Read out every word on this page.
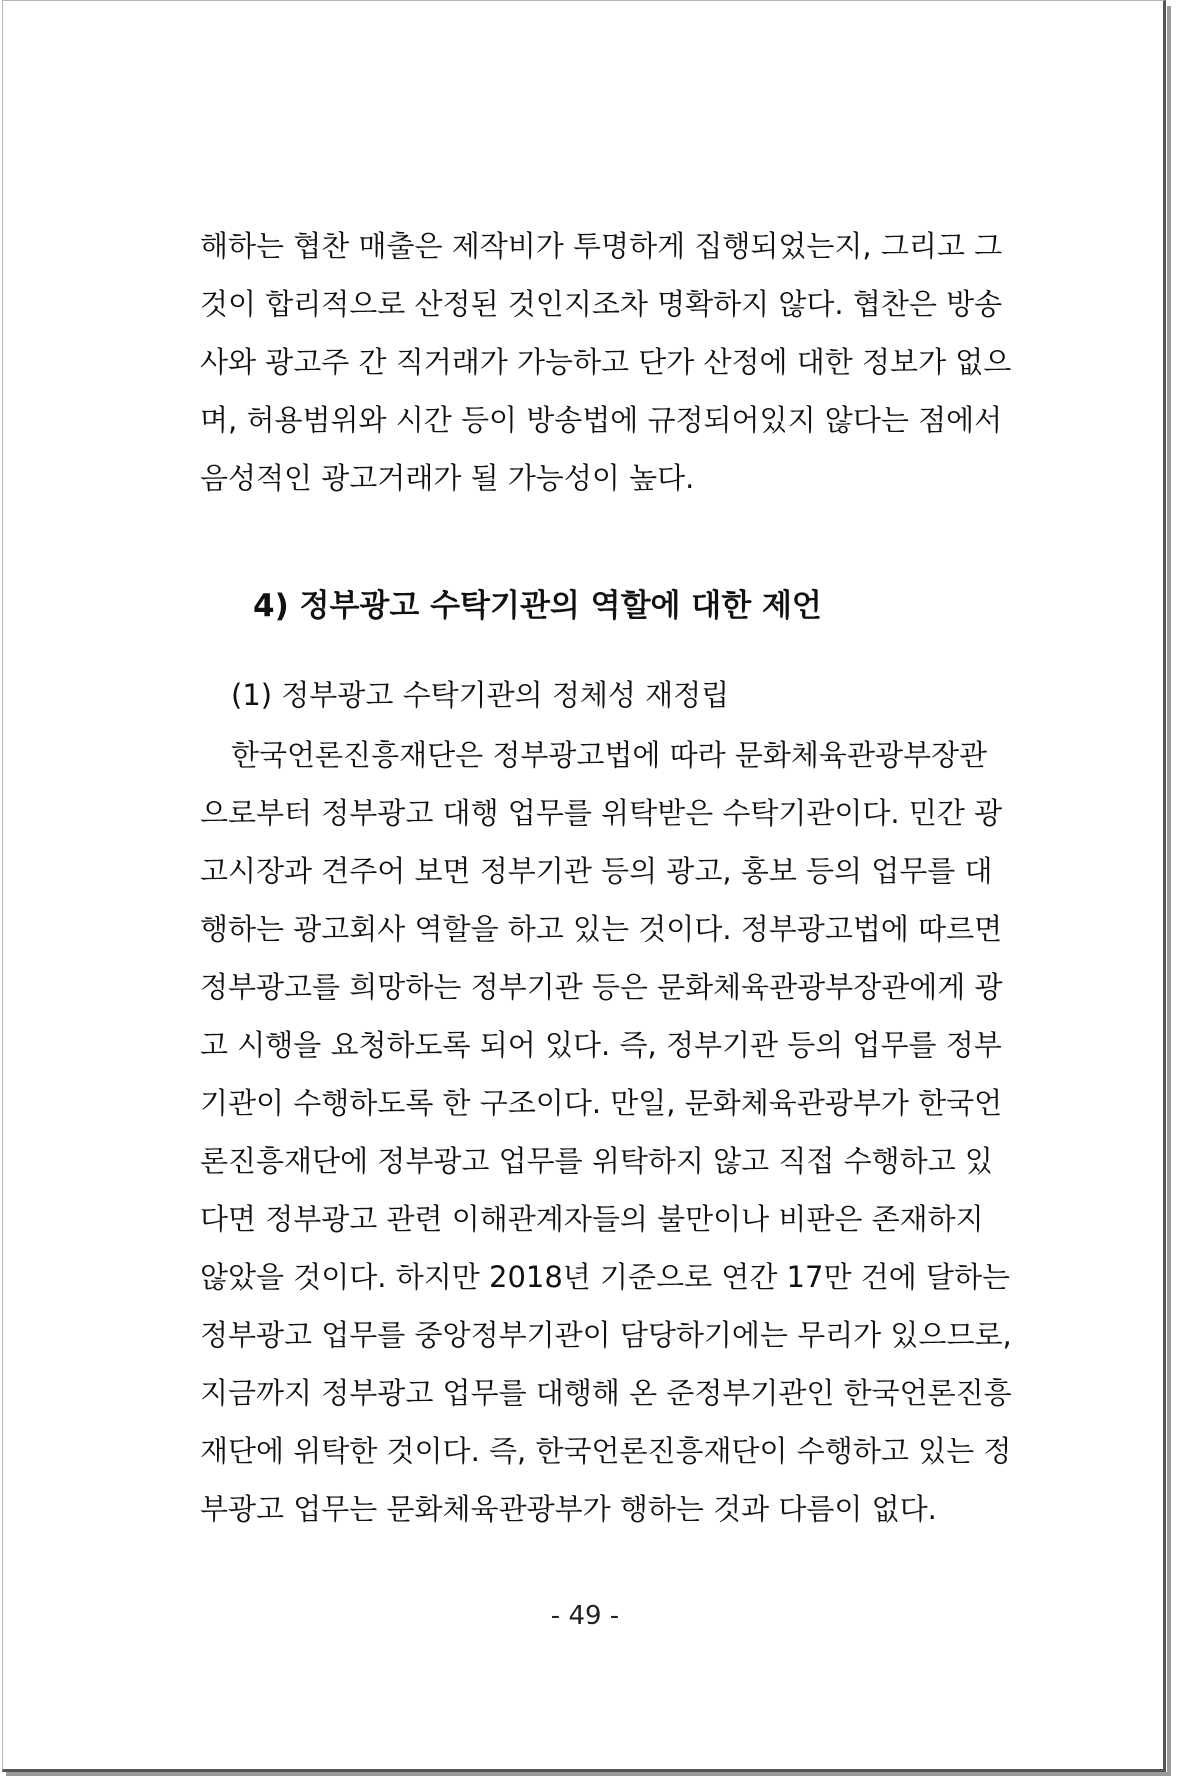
해하는 협찬 매출은 제작비가 투명하게 집행되었는지, 그리고 그
것이 합리적으로 산정된 것인지조차 명확하지 않다. 협찬은 방송
사와 광고주 간 직거래가 가능하고 단가 산정에 대한 정보가 없으
며, 허용범위와 시간 등이 방송법에 규정되어있지 않다는 점에서
음성적인 광고거래가 될 가능성이 높다.
4) 정부광고 수탁기관의 역할에 대한 제언
(1) 정부광고 수탁기관의 정체성 재정립
한국언론진흥재단은 정부광고법에 따라 문화체육관광부장관
으로부터 정부광고 대행 업무를 위탁받은 수탁기관이다. 민간 광
고시장과 견주어 보면 정부기관 등의 광고, 홍보 등의 업무를 대
행하는 광고회사 역할을 하고 있는 것이다. 정부광고법에 따르면
정부광고를 희망하는 정부기관 등은 문화체육관광부장관에게 광
고 시행을 요청하도록 되어 있다. 즉, 정부기관 등의 업무를 정부
기관이 수행하도록 한 구조이다. 만일, 문화체육관광부가 한국언
론진흥재단에 정부광고 업무를 위탁하지 않고 직접 수행하고 있
다면 정부광고 관련 이해관계자들의 불만이나 비판은 존재하지
않았을 것이다. 하지만 2018년 기준으로 연간 17만 건에 달하는
정부광고 업무를 중앙정부기관이 담당하기에는 무리가 있으므로,
지금까지 정부광고 업무를 대행해 온 준정부기관인 한국언론진흥
재단에 위탁한 것이다. 즉, 한국언론진흥재단이 수행하고 있는 정
부광고 업무는 문화체육관광부가 행하는 것과 다름이 없다.
- 49 -
